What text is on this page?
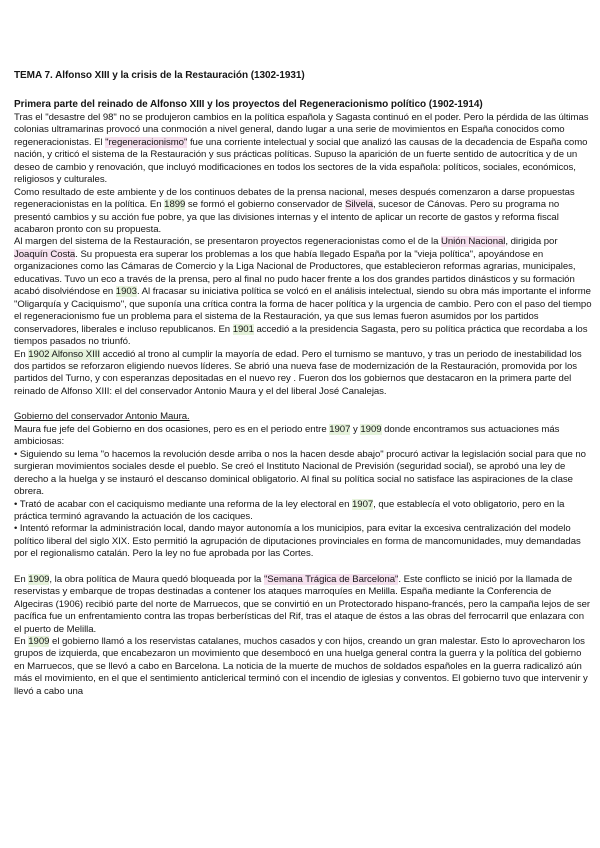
TEMA 7. Alfonso XIII y la crisis de la Restauración (1302-1931)
Primera parte del reinado de Alfonso XIII y los proyectos del Regeneracionismo político (1902-1914)

Tras el "desastre del 98" no se produjeron cambios en la política española y Sagasta continuó en el poder. Pero la pérdida de las últimas colonias ultramarinas provocó una conmoción a nivel general, dando lugar a una serie de movimientos en España conocidos como regeneracionistas. El "regeneracionismo" fue una corriente intelectual y social que analizó las causas de la decadencia de España como nación, y criticó el sistema de la Restauración y sus prácticas políticas. Supuso la aparición de un fuerte sentido de autocrítica y de un deseo de cambio y renovación, que incluyó modificaciones en todos los sectores de la vida española: políticos, sociales, económicos, religiosos y culturales.

Como resultado de este ambiente y de los continuos debates de la prensa nacional, meses después comenzaron a darse propuestas regeneracionistas en la política. En 1899 se formó el gobierno conservador de Silvela, sucesor de Cánovas. Pero su programa no presentó cambios y su acción fue pobre, ya que las divisiones internas y el intento de aplicar un recorte de gastos y reforma fiscal acabaron pronto con su propuesta.

Al margen del sistema de la Restauración, se presentaron proyectos regeneracionistas como el de la Unión Nacional, dirigida por Joaquín Costa. Su propuesta era superar los problemas a los que había llegado España por la "vieja política", apoyándose en organizaciones como las Cámaras de Comercio y la Liga Nacional de Productores, que establecieron reformas agrarias, municipales, educativas. Tuvo un eco a través de la prensa, pero al final no pudo hacer frente a los dos grandes partidos dinásticos y su formación acabó disolviéndose en 1903. Al fracasar su iniciativa política se volcó en el análisis intelectual, siendo su obra más importante el informe "Oligarquía y Caciquismo", que suponía una crítica contra la forma de hacer política y la urgencia de cambio. Pero con el paso del tiempo el regeneracionismo fue un problema para el sistema de la Restauración, ya que sus lemas fueron asumidos por los partidos conservadores, liberales e incluso republicanos. En 1901 accedió a la presidencia Sagasta, pero su política práctica que recordaba a los tiempos pasados no triunfó.

En 1902 Alfonso XIII accedió al trono al cumplir la mayoría de edad. Pero el turnismo se mantuvo, y tras un periodo de inestabilidad los dos partidos se reforzaron eligiendo nuevos líderes. Se abrió una nueva fase de modernización de la Restauración, promovida por los partidos del Turno, y con esperanzas depositadas en el nuevo rey . Fueron dos los gobiernos que destacaron en la primera parte del reinado de Alfonso XIII: el del conservador Antonio Maura y el del liberal José Canalejas.

Gobierno del conservador Antonio Maura.

Maura fue jefe del Gobierno en dos ocasiones, pero es en el periodo entre 1907 y 1909 donde encontramos sus actuaciones más ambiciosas:

• Siguiendo su lema "o hacemos la revolución desde arriba o nos la hacen desde abajo" procuró activar la legislación social para que no surgieran movimientos sociales desde el pueblo. Se creó el Instituto Nacional de Previsión (seguridad social), se aprobó una ley de derecho a la huelga y se instauró el descanso dominical obligatorio. Al final su política social no satisface las aspiraciones de la clase obrera.

• Trató de acabar con el caciquismo mediante una reforma de la ley electoral en 1907, que establecía el voto obligatorio, pero en la práctica terminó agravando la actuación de los caciques.

• Intentó reformar la administración local, dando mayor autonomía a los municipios, para evitar la excesiva centralización del modelo político liberal del siglo XIX. Esto permitió la agrupación de diputaciones provinciales en forma de mancomunidades, muy demandadas por el regionalismo catalán. Pero la ley no fue aprobada por las Cortes.

En 1909, la obra política de Maura quedó bloqueada por la "Semana Trágica de Barcelona". Este conflicto se inició por la llamada de reservistas y embarque de tropas destinadas a contener los ataques marroquíes en Melilla. España mediante la Conferencia de Algeciras (1906) recibió parte del norte de Marruecos, que se convirtió en un Protectorado hispano-francés, pero la campaña lejos de ser pacífica fue un enfrentamiento contra las tropas berberísticas del Rif, tras el ataque de éstos a las obras del ferrocarril que enlazara con el puerto de Melilla.

En 1909 el gobierno llamó a los reservistas catalanes, muchos casados y con hijos, creando un gran malestar. Esto lo aprovecharon los grupos de izquierda, que encabezaron un movimiento que desembocó en una huelga general contra la guerra y la política del gobierno en Marruecos, que se llevó a cabo en Barcelona. La noticia de la muerte de muchos de soldados españoles en la guerra radicalizó aún más el movimiento, en el que el sentimiento anticlerical terminó con el incendio de iglesias y conventos. El gobierno tuvo que intervenir y llevó a cabo una
